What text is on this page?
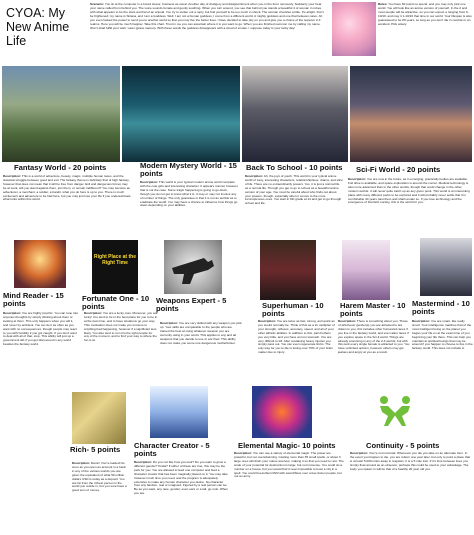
CYOA: My New Anime Life
Scenario: You sit at the computer in a bored stupor, business as usual. Another day of drudgery and disappointment when you in the furor nervously. Suddenly your bear your name called from behind you. The voice sounds female and gently soothing. When you turn around, you see that behind you stands a beautiful 4 of woman in robes, with what appears to be the stars and hal of an animal. You try to stutter out a reply, but find yourself to be too much in shock. The woman chuckles a little. It's alright. Don't be frightened; my name is Siriana, and I am a Goddess. Well, I am not a human goddess, I come from a different world. A mighty goddess and one that believes naive. Ah you even lacked the power to send you to another world so that you may live the better lives. I have decided to take pity on you and give you a choice of the superior 2-4 realms. Here you will be much happier. Take this chart. Trust in me you can ascertain where it is you want to go. When you are finished summon me by calling my name. Won't shall fulfill your wish. Later (grace names). With these words the goddess dissappears with a cloud of smoke. I suppose today is your lucky day!
Rules: You have 60 points to spend, and you may only pick one world. You will look like an anime version of yourself. In the 2 and most people will be attractive, so you can expect a ranging from 6-10/10, and may it 1-10/10 that time in our world. Your lifespan is also guaranteed to be 80 years, so long as you don't die in combat or an accident. Pick wisely.
Fantasy World - 20 points
Description: This is a world of adventure, beauty, magic, multiple human races, and the classical struggle between good and evil. The fantasy theme is definitely that of high fantasy, however that does not mean that it will be free from danger. Evil and dangerous forces may be at work, will you stand against them, join them, or remain indifferent? You may become an adventurer, a merchant, a soldier, a bandit, what you do here is up to you. There is much excitement and adventure to be had here, but you may just lose your life if you underestimate what lurks within this world.
Modern Mystery World - 15 points
Description: This world is your typical modern anime world complete with the cute girls and interesting character. It appears normal, however that is not the case. Some tragic happening is going to go down, though you do not get to know what it is. It may or may not involve any of number of things. The only guarantee is that it is not an terrible as to eradicate the world. You may have a chance to influence how things go down depending on your abilities.
Back To School - 10 points
Description: Ah, the joys of youth. This world is your typical anime world of zany, interesting characters, relationship/love, drama, and slice of life. There are no extraordinarily powers. Yes, it is just a normal life as a normal life. Though you get to go to school as a beautiful anime version of your age. You must be careful about who finds out about your powers, though, especially when it comes to the more inconspicuous ones. You start in 9th grade at 14 and get to go through school and life.
Sci-Fi World - 20 points
Description: You are now in the future, as in emerging, practically bodies are available. Full drive is available, and space exploration is around the corner. Medical technology is also more advanced than in the other worlds, though that could change in the other modern worlds. It will never quite catch up as any given point. This world is an interesting place with many different perks to be explored and it will probably never settle that it is comfortable 40 years past them and shall remain so. If you love technology and the emergence of futuristic society, this is the world for you.
Mind Reader - 15 points
Description: You are highly psychic. You can tune into anyones thoughts by simply thinking about them or looking at them. This only happens when you will it, and never by accident. You too do it as often as you want with no consequences, though people may react to you with hostility if you got caught. If you don't want to deal with all of that, stop. This ability will just up a government lab if you get discovered in any world besides the fantasy world.
Right Place at the Right Time
Fortunate One - 10 points
Description: You are a lucky man. Moreover, you are lucky! You tend to be in the best place for you to be in at the best time, and to have situations go your way. This motivation does not make you immune to anything bad happening, however if a significant less likely. You also tend to run into the right people for any of the moment, and to find your way to where the fun is at.
Weapons Expert - 5 points
Description: You are very skilled with any weapon you pick up. Your skills are comparable to the people who are trained the best at using whatever weapon you are currently using in your world. This applies to any and all weapons that you decide to use or are fired. This ability does not make you some one dangerous motherfucker.
Superhuman - 10 points
Description: You are twice as fast, strong, and quick as you would normally be. Think of this as a 2x multiplier of your strength, reflexes, accuracy, speed, and all of your other athletic abilities. In addition to this, pain bothers you very little, and you have an iron stomach. You are very difficult to kill. After sustaining heavy injuries you simply pass out. You can even regenerate limbs. The only way for you to die is losing over 70% of your brain matter due to injury.
Harem Master - 10 points
Description: There is something about you. Those of whichever gender(s) you are attracted to are drawn to you, this includes other humanoid races if you live in the fantasy world, and even alien races if you explore space in the Sci-fi world. Things are already promising in any of the 2-4 worlds, but with this perk every single female is attracted to you. You have unlimited options, however others may get jealous and angry at you as a result.
Mastermind - 10 points
Description: You are smart, like really smart. Your intelligence matches that of the most intelligent being on the planet you began your life on at the exact time of you beginning your life there. This can help you maintain at spiritual beings that may be around if you happen to choose to live in the fantasy world. This does not include A.
Rich- 5 points
Description: Damn! You're loaded! As soon as you open an account in a bank in any of the various worlds you are given the equivalent of what 50 million dollars USD is today as a deposit. You are far from the richest person in the world you reside in, but you sure have a good sum of money.
Character Creator - 5 points
Description: Do you not like how you look? Do you want to grow a different gender? Kinda? If either of these are true, this may be the perk for you. You are allowed to feed one computer and feed a character creator that has been magically placed on it. You may take however much time you need, and the program is adequately extensive to make any human character you desire. No character from any fandom, real or imagined. Figured by a real person can be. Be as you want, any race, gender, even ears or a tail, go nuts. When you are
Elemental Magic- 10 points
Description: You can use a variety of elemental magic. The power are powerful, but not overwhelming. Casting more than 35 small spells, or about 3 large ones will drain your mana reserves, making it so that you need to rest. The scale of your potential for destruction is large, but not immense. You could do a number on a house, but you would find it near impossible to level a city in a spell. You could freeze/burn/thrill with sword/blow over a few dozen people, but not an army.
Continuity - 5 points
Description: You're not immortal. Whenever you die you take on an alternate form. In the event you happen to die, you are reborn one year later, but only to point a place that is at least 5,000 miles away in respawn. It is a 5 mile trek. If it's time between lives you simply float around as an observer, perhaps this could be used to your advantage. The body you spawn in will be that of a healthy 20 year old you.
